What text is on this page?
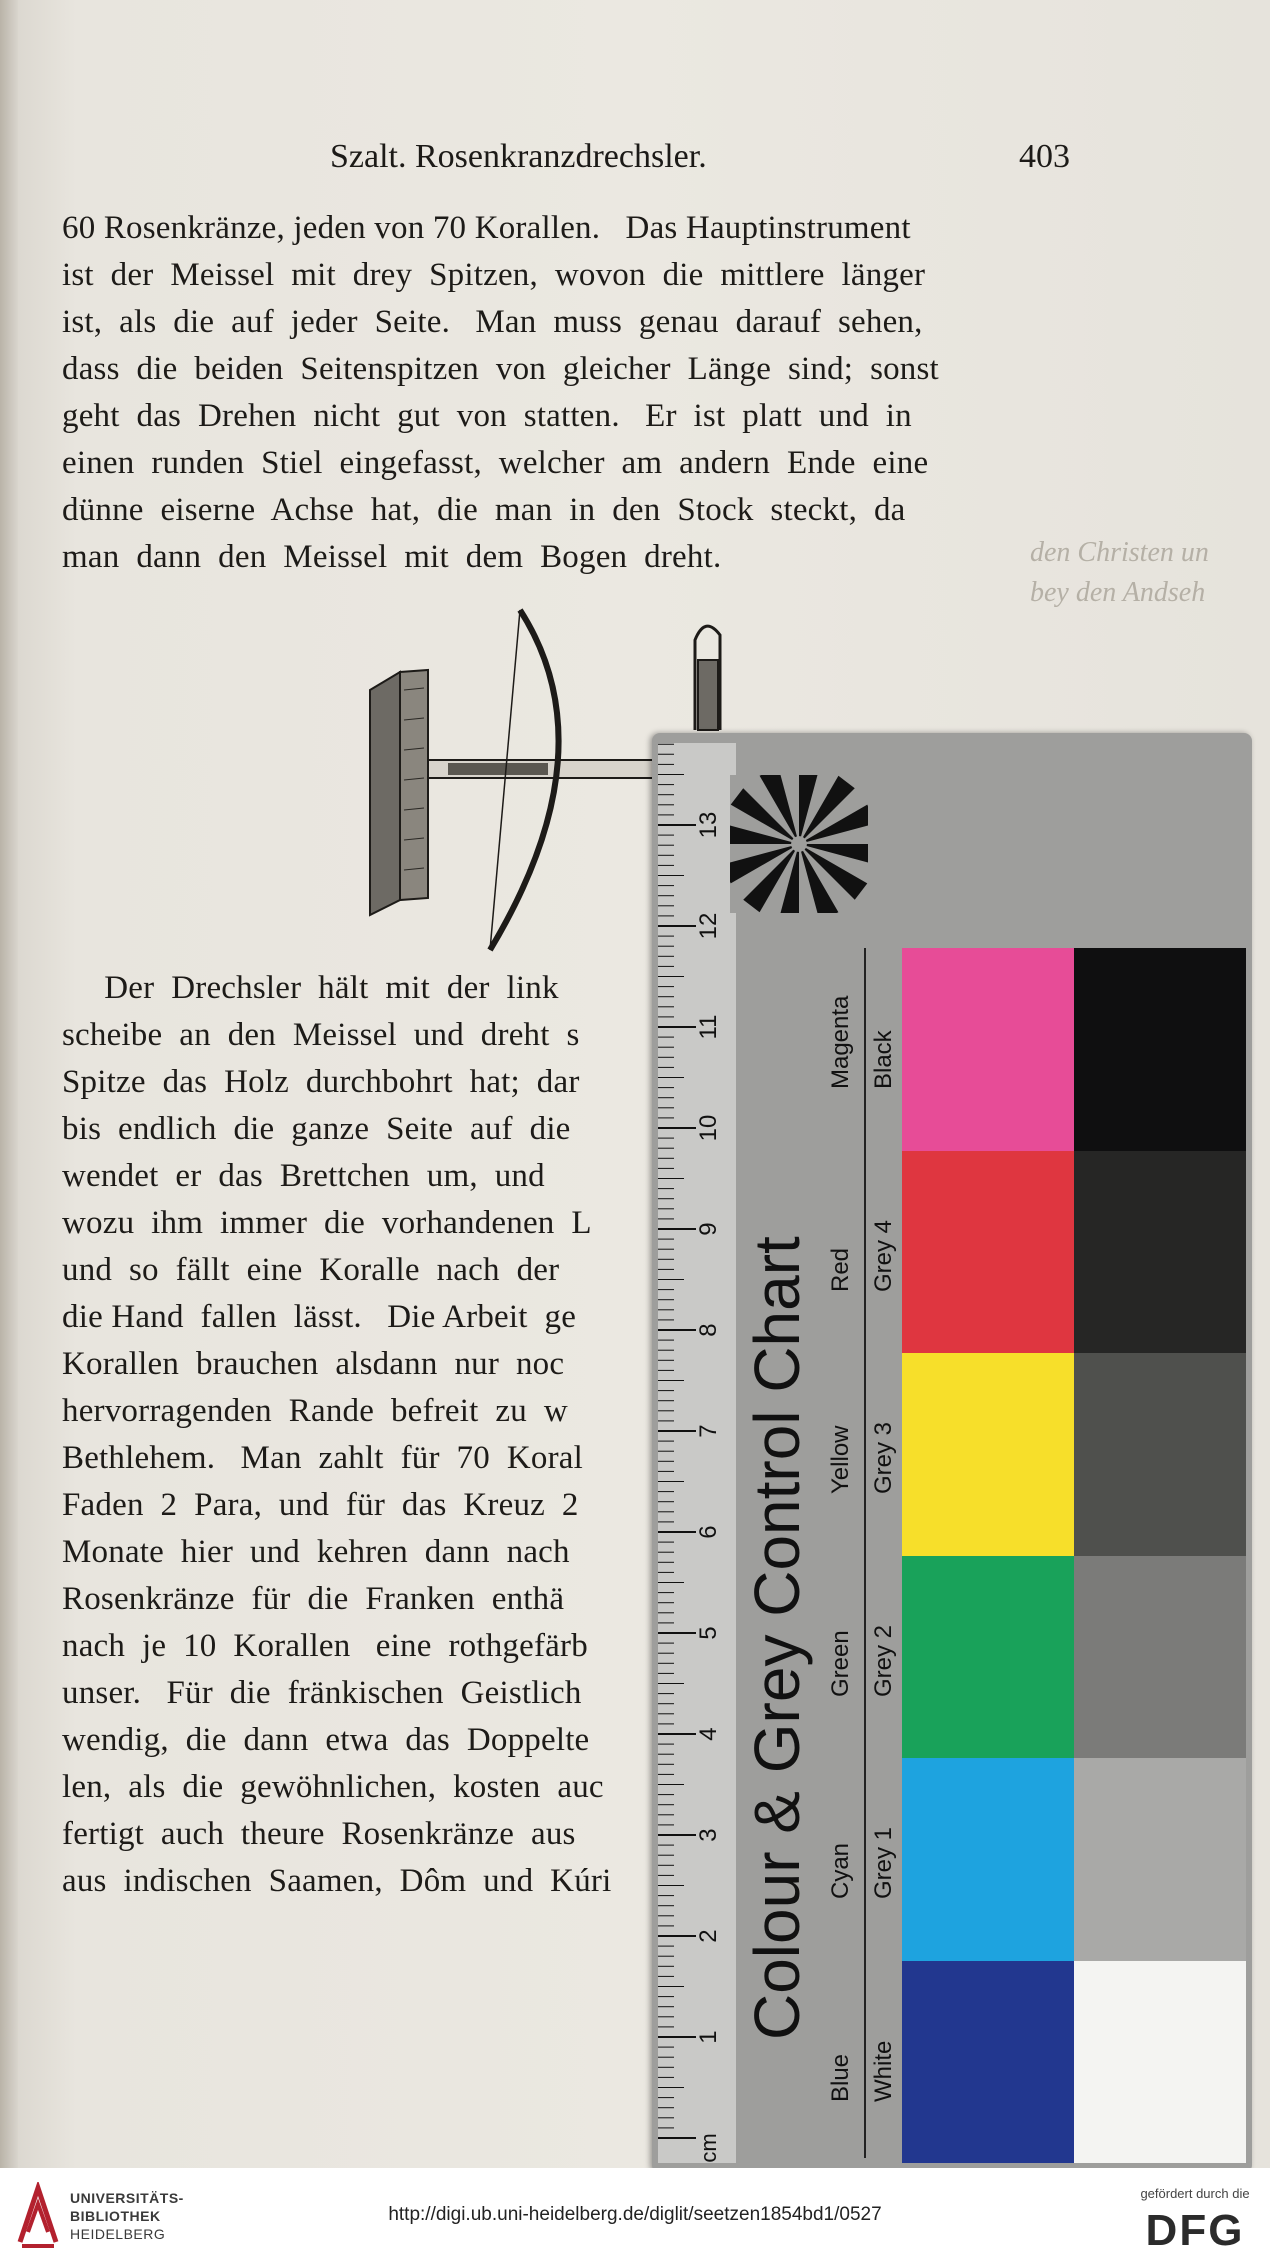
Szalt. Rosenkranzdrechsler.	403
60 Rosenkränze, jeden von 70 Korallen.   Das Hauptinstrument
ist  der  Meissel  mit  drey  Spitzen,  wovon  die  mittlere  länger
ist,  als  die  auf  jeder  Seite.   Man  muss  genau  darauf  sehen,
dass  die  beiden  Seitenspitzen  von  gleicher  Länge  sind;  sonst
geht  das  Drehen  nicht  gut  von  statten.   Er  ist  platt  und  in
einen  runden  Stiel  eingefasst,  welcher  am  andern  Ende  eine
dünne  eiserne  Achse  hat,  die  man  in  den  Stock  steckt,  da
man  dann  den  Meissel  mit  dem  Bogen  dreht.	den Christen un
bey den Andseh
Der  Drechsler  hält  mit  der  link
scheibe  an  den  Meissel  und  dreht  s
Spitze  das  Holz  durchbohrt  hat;  dar
bis  endlich  die  ganze  Seite  auf  die
wendet  er  das  Brettchen  um,  und
wozu  ihm  immer  die  vorhandenen  L
und  so  fällt  eine  Koralle  nach  der
die Hand  fallen  lässt.   Die Arbeit  ge
Korallen  brauchen  alsdann  nur  noc
hervorragenden  Rande  befreit  zu  w
Bethlehem.   Man  zahlt  für  70  Koral
Faden  2  Para,  und  für  das  Kreuz  2
Monate  hier  und  kehren  dann  nach
Rosenkränze  für  die  Franken  enthä
nach  je  10  Korallen   eine  rothgefärb
unser.   Für  die  fränkischen  Geistlich
wendig,  die  dann  etwa  das  Doppelte
len,  als  die  gewöhnlichen,  kosten  auc
fertigt  auch  theure  Rosenkränze  aus
aus  indischen  Saamen,  Dôm  und  Kúri
1
2
3
4
5
6
7
8
9
10
11
12
13
cm
Colour & Grey Control Chart
Blue White
Cyan Grey 1
Green Grey 2
Yellow Grey 3
Red Grey 4
Magenta Black
UNIVERSITÄTS-
BIBLIOTHEK
HEIDELBERG
http://digi.ub.uni-heidelberg.de/diglit/seetzen1854bd1/0527
gefördert durch die
DFG
